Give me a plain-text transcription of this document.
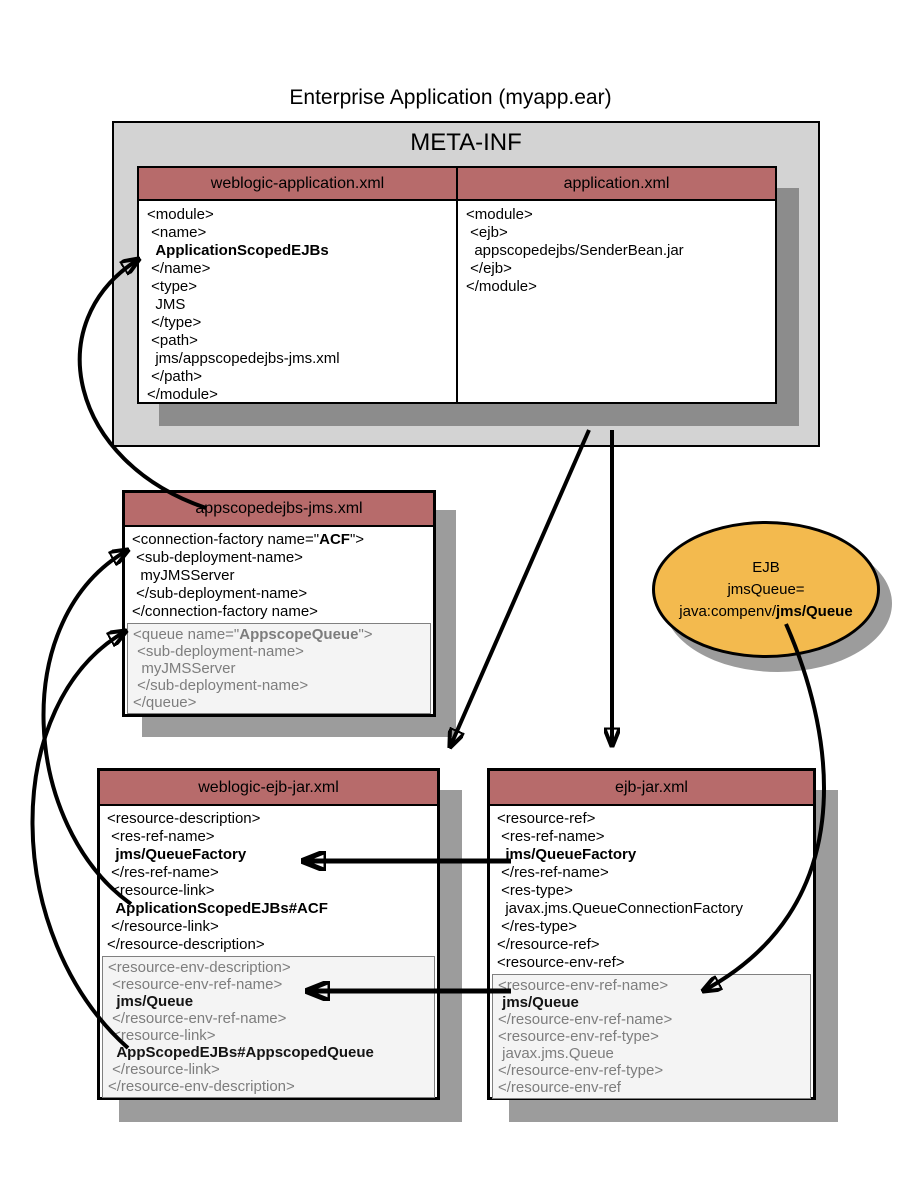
Enterprise Application (myapp.ear)
META-INF
weblogic-application.xml
<module>
<name>
ApplicationScopedEJBs
</name>
<type>
JMS
</type>
<path>
jms/appscopedejbs-jms.xml
</path>
</module>
application.xml
<module>
<ejb>
appscopedejbs/SenderBean.jar
</ejb>
</module>
appscopedejbs-jms.xml
<connection-factory name="ACF">
<sub-deployment-name>
myJMSServer
</sub-deployment-name>
</connection-factory name>
<queue name="AppscopeQueue">
<sub-deployment-name>
myJMSServer
</sub-deployment-name>
</queue>
EJB
jmsQueue=
java:compenv/jms/Queue
weblogic-ejb-jar.xml
<resource-description>
<res-ref-name>
jms/QueueFactory
</res-ref-name>
<resource-link>
ApplicationScopedEJBs#ACF
</resource-link>
</resource-description>
<resource-env-description>
<resource-env-ref-name>
jms/Queue
</resource-env-ref-name>
<resource-link>
AppScopedEJBs#AppscopedQueue
</resource-link>
</resource-env-description>
ejb-jar.xml
<resource-ref>
<res-ref-name>
jms/QueueFactory
</res-ref-name>
<res-type>
javax.jms.QueueConnectionFactory
</res-type>
</resource-ref>
<resource-env-ref>
<resource-env-ref-name>
jms/Queue
</resource-env-ref-name>
<resource-env-ref-type>
javax.jms.Queue
</resource-env-ref-type>
</resource-env-ref
